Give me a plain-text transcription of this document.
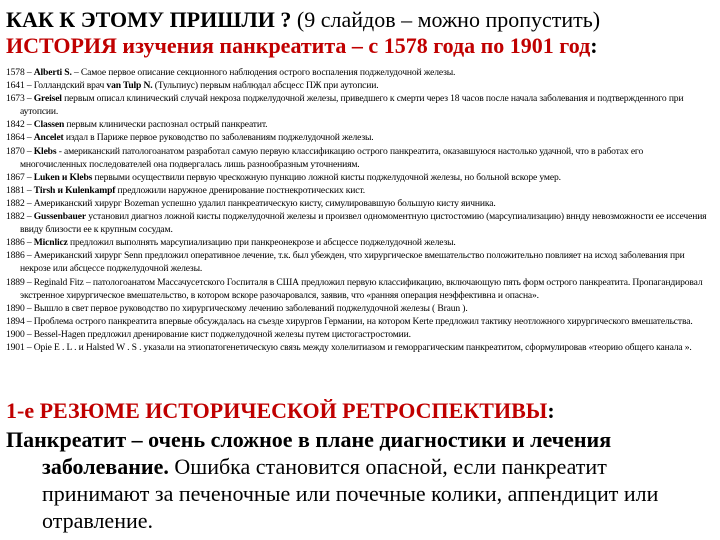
КАК К ЭТОМУ ПРИШЛИ ? (9 слайдов – можно пропустить)
ИСТОРИЯ изучения панкреатита – с 1578 года по 1901 год:
1578 – Alberti S. – Самое первое описание секционного наблюдения острого воспаления поджелудочной железы.
1641 – Голландский врач van Tulp N. (Тульпиус) первым наблюдал абсцесс ПЖ при аутопсии.
1673 – Greisel первым описал клинический случай некроза поджелудочной железы, приведшего к смерти через 18 часов после начала заболевания и подтвержденного при аутопсии.
1842 – Classen первым клинически распознал острый панкреатит.
1864 – Ancelet издал в Париже первое руководство по заболеваниям поджелудочной железы.
1870 – Klebs - американский патологоанатом разработал самую первую классификацию острого панкреатита, оказавшуюся настолько удачной, что в работах его многочисленных последователей она подвергалась лишь разнообразным уточнениям.
1867 – Luken и Klebs первыми осуществили первую чрескожную пункцию ложной кисты поджелудочной железы, но больной вскоре умер.
1881 – Tirsh и Kulenkampf предложили наружное дренирование постнекротических кист.
1882 – Американский хирург Bozeman успешно удалил панкреатическую кисту, симулировавшую большую кисту яичника.
1882 – Gussenbauer установил диагноз ложной кисты поджелудочной железы и произвел одномоментную цистостомию (марсупиализацию) вннду невозможности ее иссечения ввиду близости ее к крупным сосудам.
1886 – Micnlicz предложил выполнять марсупиализацию при панкреонекрозе и абсцессе поджелудочной железы.
1886 – Американский хирург Senn предложил оперативное лечение, т.к. был убежден, что хирургическое вмешательство положительно повлияет на исход заболевания при некрозе или абсцессе поджелудочной железы.
1889 – Reginald Fitz – патологоанатом Массачусетского Госпиталя в США предложил первую классификацию, включающую пять форм острого панкреатита. Пропагандировал экстренное хирургическое вмешательство, в котором вскоре разочаровался, заявив, что «ранняя операция неэффективна и опасна».
1890 – Вышло в свет первое руководство по хирургическому лечению заболеваний поджелудочной железы ( Braun ).
1894 – Проблема острого панкреатита впервые обсуждалась на съезде хирургов Германии, на котором Kerte предложил тактику неотложного хирургического вмешательства.
1900 – Bessel-Hagen предложил дренирование кист поджелудочной железы путем цистогастростомии.
1901 – Opie E . L . и Halsted W . S . указали на этиопатогенетическую связь между холелитиазом и геморрагическим панкреатитом, сформулировав «теорию общего канала ».
1-е РЕЗЮМЕ ИСТОРИЧЕСКОЙ РЕТРОСПЕКТИВЫ:
Панкреатит – очень сложное в плане диагностики и лечения заболевание. Ошибка становится опасной, если панкреатит принимают за печеночные или почечные колики, аппендицит или отравление.
